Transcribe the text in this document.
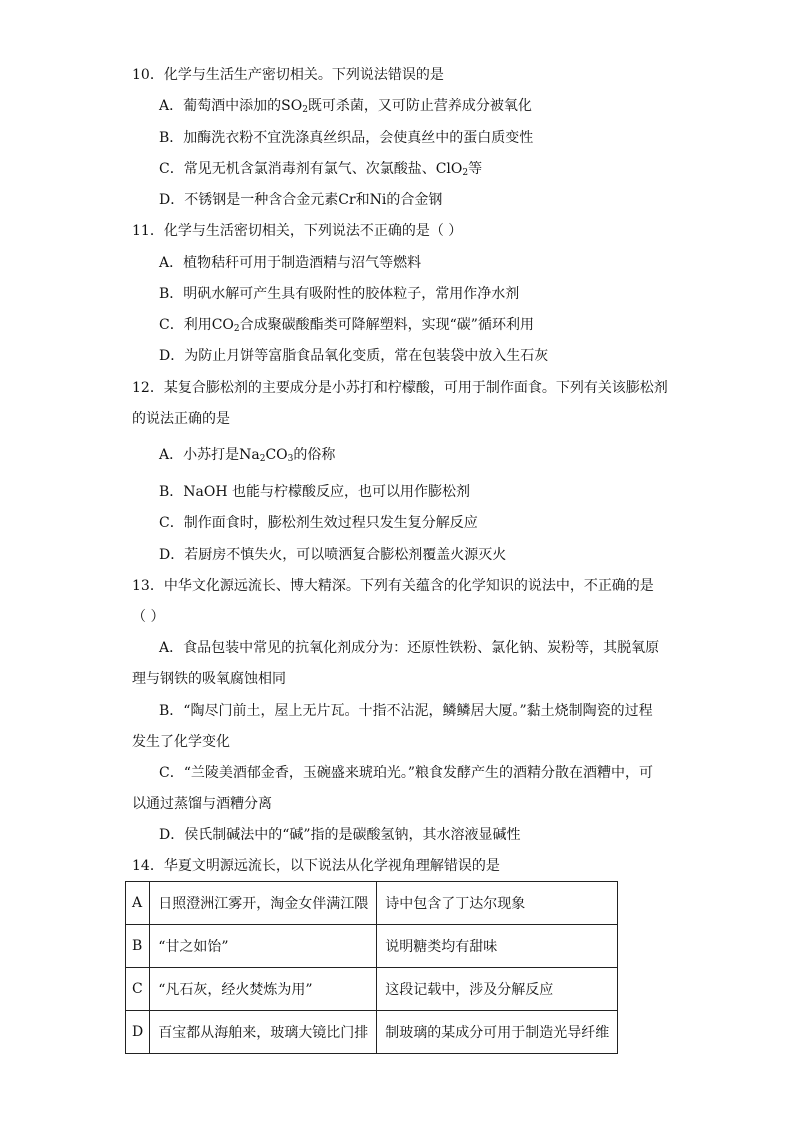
10．化学与生活生产密切相关。下列说法错误的是
A．葡萄酒中添加的$SO_2$既可杀菌，又可防止营养成分被氧化
B．加酶洗衣粉不宜洗涤真丝织品，会使真丝中的蛋白质变性
C．常见无机含氯消毒剂有氯气、次氯酸盐、ClO$_2$等
D．不锈钢是一种含合金元素Cr和Ni的合金钢
11．化学与生活密切相关，下列说法不正确的是（ ）
A．植物秸秆可用于制造酒精与沼气等燃料
B．明矾水解可产生具有吸附性的胶体粒子，常用作净水剂
C．利用$CO_2$合成聚碳酸酯类可降解塑料，实现“碳”循环利用
D．为防止月饼等富脂食品氧化变质，常在包装袋中放入生石灰
12．某复合膨松剂的主要成分是小苏打和柠檬酸，可用于制作面食。下列有关该膨松剂
的说法正确的是
A．小苏打是$Na_2CO_3$的俗称
B．NaOH 也能与柠檬酸反应，也可以用作膨松剂
C．制作面食时，膨松剂生效过程只发生复分解反应
D．若厨房不慎失火，可以喷洒复合膨松剂覆盖火源灭火
13．中华文化源远流长、博大精深。下列有关蕴含的化学知识的说法中，不正确的是
（ ）
A．食品包装中常见的抗氧化剂成分为：还原性铁粉、氯化钠、炭粉等，其脱氧原
理与钢铁的吸氧腐蚀相同
B．“陶尽门前土，屋上无片瓦。十指不沾泥，鳞鳞居大厦。”黏土烧制陶瓷的过程
发生了化学变化
C．“兰陵美酒郁金香，玉碗盛来琥珀光。”粮食发酵产生的酒精分散在酒糟中，可
以通过蒸馏与酒糟分离
D．侯氏制碱法中的“碱”指的是碳酸氢钠，其水溶液显碱性
14．华夏文明源远流长，以下说法从化学视角理解错误的是
A	日照澄洲江雾开，淘金女伴满江隈	诗中包含了丁达尔现象
B	“甘之如饴”	说明糖类均有甜味
C	“凡石灰，经火焚炼为用”	这段记载中，涉及分解反应
D	百宝都从海舶来，玻璃大镜比门排	制玻璃的某成分可用于制造光导纤维
